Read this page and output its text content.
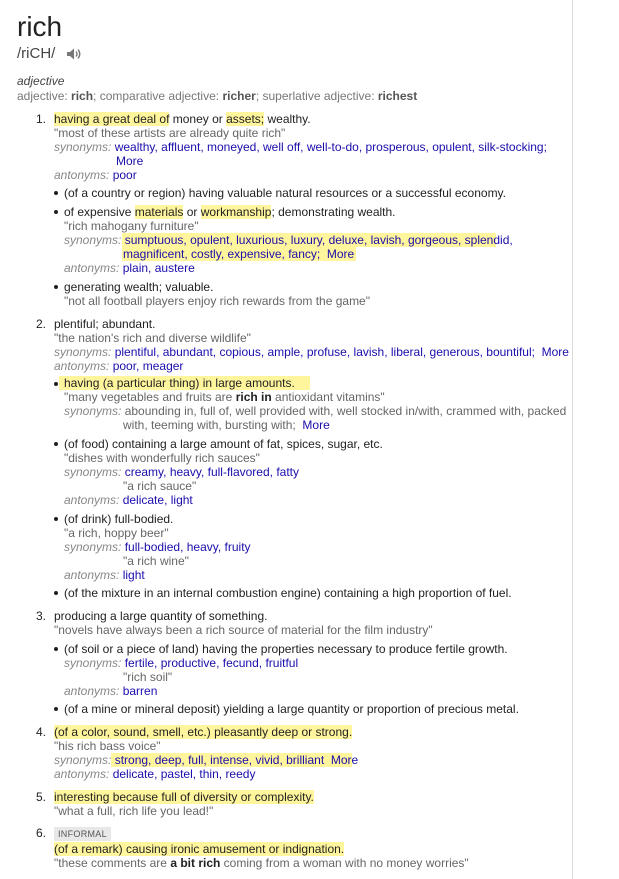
rich
/riCH/
adjective
adjective: rich; comparative adjective: richer; superlative adjective: richest
1. having a great deal of money or assets; wealthy.
"most of these artists are already quite rich"
synonyms: wealthy, affluent, moneyed, well off, well-to-do, prosperous, opulent, silk-stocking;
More
antonyms: poor
(of a country or region) having valuable natural resources or a successful economy.
of expensive materials or workmanship; demonstrating wealth.
"rich mahogany furniture"
synonyms: sumptuous, opulent, luxurious, luxury, deluxe, lavish, gorgeous, splendid,
magnificent, costly, expensive, fancy; More
antonyms: plain, austere
generating wealth; valuable.
"not all football players enjoy rich rewards from the game"
2. plentiful; abundant.
"the nation's rich and diverse wildlife"
synonyms: plentiful, abundant, copious, ample, profuse, lavish, liberal, generous, bountiful; More
antonyms: poor, meager
having (a particular thing) in large amounts.
"many vegetables and fruits are rich in antioxidant vitamins"
synonyms: abounding in, full of, well provided with, well stocked in/with, crammed with, packed
with, teeming with, bursting with; More
(of food) containing a large amount of fat, spices, sugar, etc.
"dishes with wonderfully rich sauces"
synonyms: creamy, heavy, full-flavored, fatty
"a rich sauce"
antonyms: delicate, light
(of drink) full-bodied.
"a rich, hoppy beer"
synonyms: full-bodied, heavy, fruity
"a rich wine"
antonyms: light
(of the mixture in an internal combustion engine) containing a high proportion of fuel.
3. producing a large quantity of something.
"novels have always been a rich source of material for the film industry"
(of soil or a piece of land) having the properties necessary to produce fertile growth.
synonyms: fertile, productive, fecund, fruitful
"rich soil"
antonyms: barren
(of a mine or mineral deposit) yielding a large quantity or proportion of precious metal.
4. (of a color, sound, smell, etc.) pleasantly deep or strong.
"his rich bass voice"
synonyms: strong, deep, full, intense, vivid, brilliant More
antonyms: delicate, pastel, thin, reedy
5. interesting because full of diversity or complexity.
"what a full, rich life you lead!"
6.	INFORMAL
(of a remark) causing ironic amusement or indignation.
"these comments are a bit rich coming from a woman with no money worries"
